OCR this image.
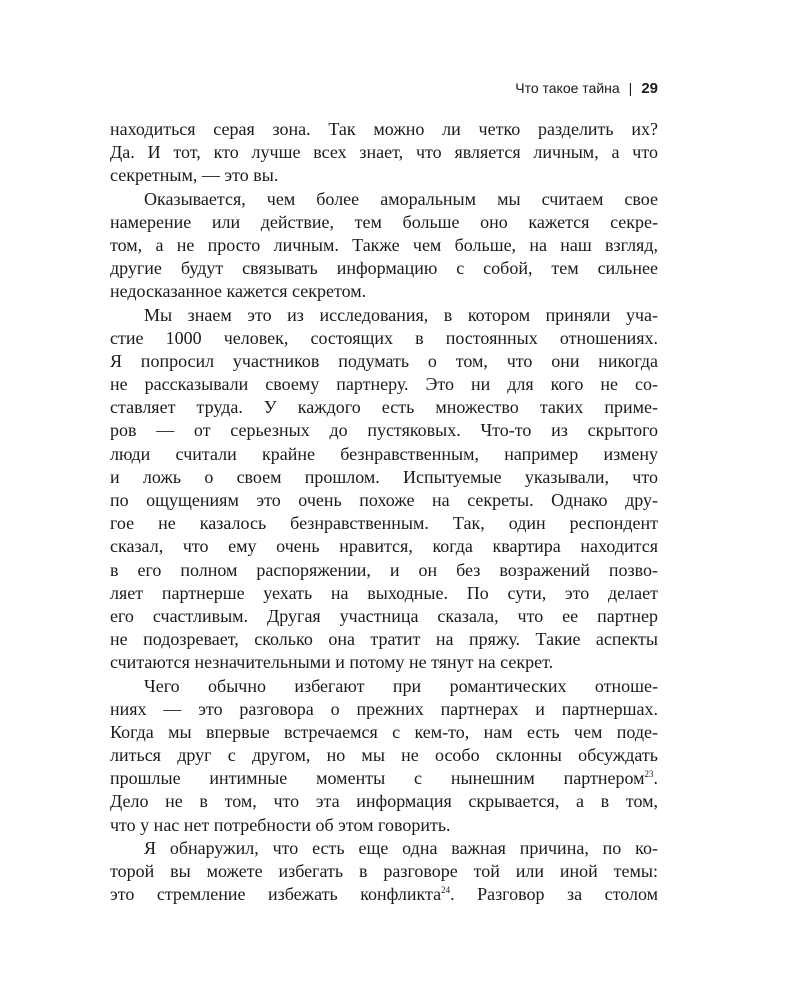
Что такое тайна | 29
находиться серая зона. Так можно ли четко разделить их?
Да. И тот, кто лучше всех знает, что является личным, а что
секретным, — это вы.
Оказывается, чем более аморальным мы считаем свое
намерение или действие, тем больше оно кажется секре-
том, а не просто личным. Также чем больше, на наш взгляд,
другие будут связывать информацию с собой, тем сильнее
недосказанное кажется секретом.
Мы знаем это из исследования, в котором приняли уча-
стие 1000 человек, состоящих в постоянных отношениях.
Я попросил участников подумать о том, что они никогда
не рассказывали своему партнеру. Это ни для кого не со-
ставляет труда. У каждого есть множество таких приме-
ров — от серьезных до пустяковых. Что-то из скрытого
люди считали крайне безнравственным, например измену
и ложь о своем прошлом. Испытуемые указывали, что
по ощущениям это очень похоже на секреты. Однако дру-
гое не казалось безнравственным. Так, один респондент
сказал, что ему очень нравится, когда квартира находится
в его полном распоряжении, и он без возражений позво-
ляет партнерше уехать на выходные. По сути, это делает
его счастливым. Другая участница сказала, что ее партнер
не подозревает, сколько она тратит на пряжу. Такие аспекты
считаются незначительными и потому не тянут на секрет.
Чего обычно избегают при романтических отноше-
ниях — это разговора о прежних партнерах и партнершах.
Когда мы впервые встречаемся с кем-то, нам есть чем поде-
литься друг с другом, но мы не особо склонны обсуждать
прошлые интимные моменты с нынешним партнером$^{23}$.
Дело не в том, что эта информация скрывается, а в том,
что у нас нет потребности об этом говорить.
Я обнаружил, что есть еще одна важная причина, по ко-
торой вы можете избегать в разговоре той или иной темы:
это стремление избежать конфликта$^{24}$. Разговор за столом
